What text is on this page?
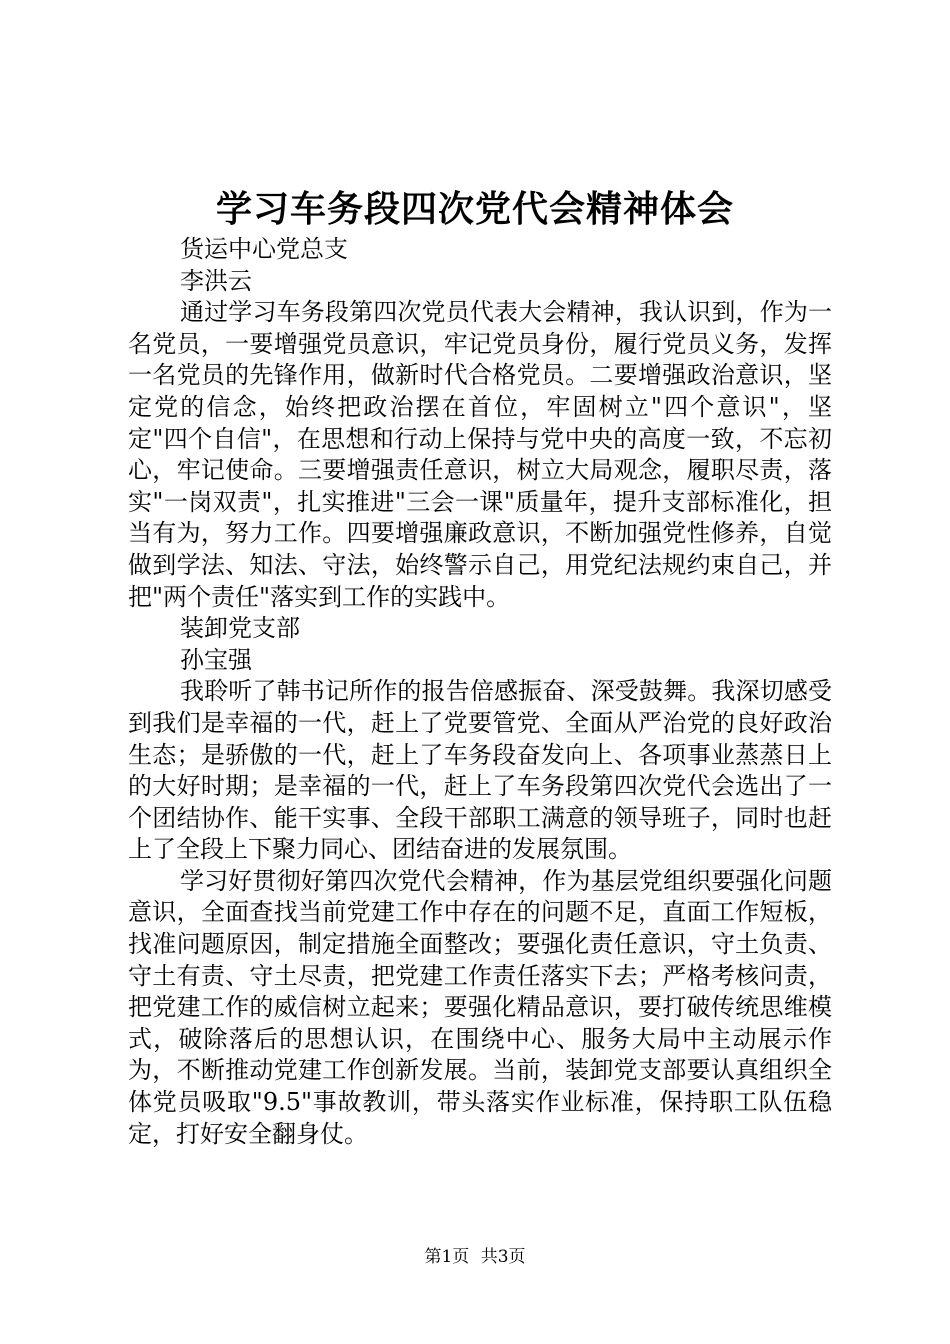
学习车务段四次党代会精神体会

货运中心党总支

李洪云

通过学习车务段第四次党员代表大会精神，我认识到，作为一名党员，一要增强党员意识，牢记党员身份，履行党员义务，发挥一名党员的先锋作用，做新时代合格党员。二要增强政治意识，坚定党的信念，始终把政治摆在首位，牢固树立"四个意识"，坚定"四个自信"，在思想和行动上保持与党中央的高度一致，不忘初心，牢记使命。三要增强责任意识，树立大局观念，履职尽责，落实"一岗双责"，扎实推进"三会一课"质量年，提升支部标准化，担当有为，努力工作。四要增强廉政意识，不断加强党性修养，自觉做到学法、知法、守法，始终警示自己，用党纪法规约束自己，并把"两个责任"落实到工作的实践中。

装卸党支部

孙宝强

我聆听了韩书记所作的报告倍感振奋、深受鼓舞。我深切感受到我们是幸福的一代，赶上了党要管党、全面从严治党的良好政治生态；是骄傲的一代，赶上了车务段奋发向上、各项事业蒸蒸日上的大好时期；是幸福的一代，赶上了车务段第四次党代会选出了一个团结协作、能干实事、全段干部职工满意的领导班子，同时也赶上了全段上下聚力同心、团结奋进的发展氛围。

学习好贯彻好第四次党代会精神，作为基层党组织要强化问题意识，全面查找当前党建工作中存在的问题不足，直面工作短板，找准问题原因，制定措施全面整改；要强化责任意识，守土负责、守土有责、守土尽责，把党建工作责任落实下去；严格考核问责，把党建工作的威信树立起来；要强化精品意识，要打破传统思维模式，破除落后的思想认识，在围绕中心、服务大局中主动展示作为，不断推动党建工作创新发展。当前，装卸党支部要认真组织全体党员吸取"9.5"事故教训，带头落实作业标准，保持职工队伍稳定，打好安全翻身仗。

第1页 共3页
